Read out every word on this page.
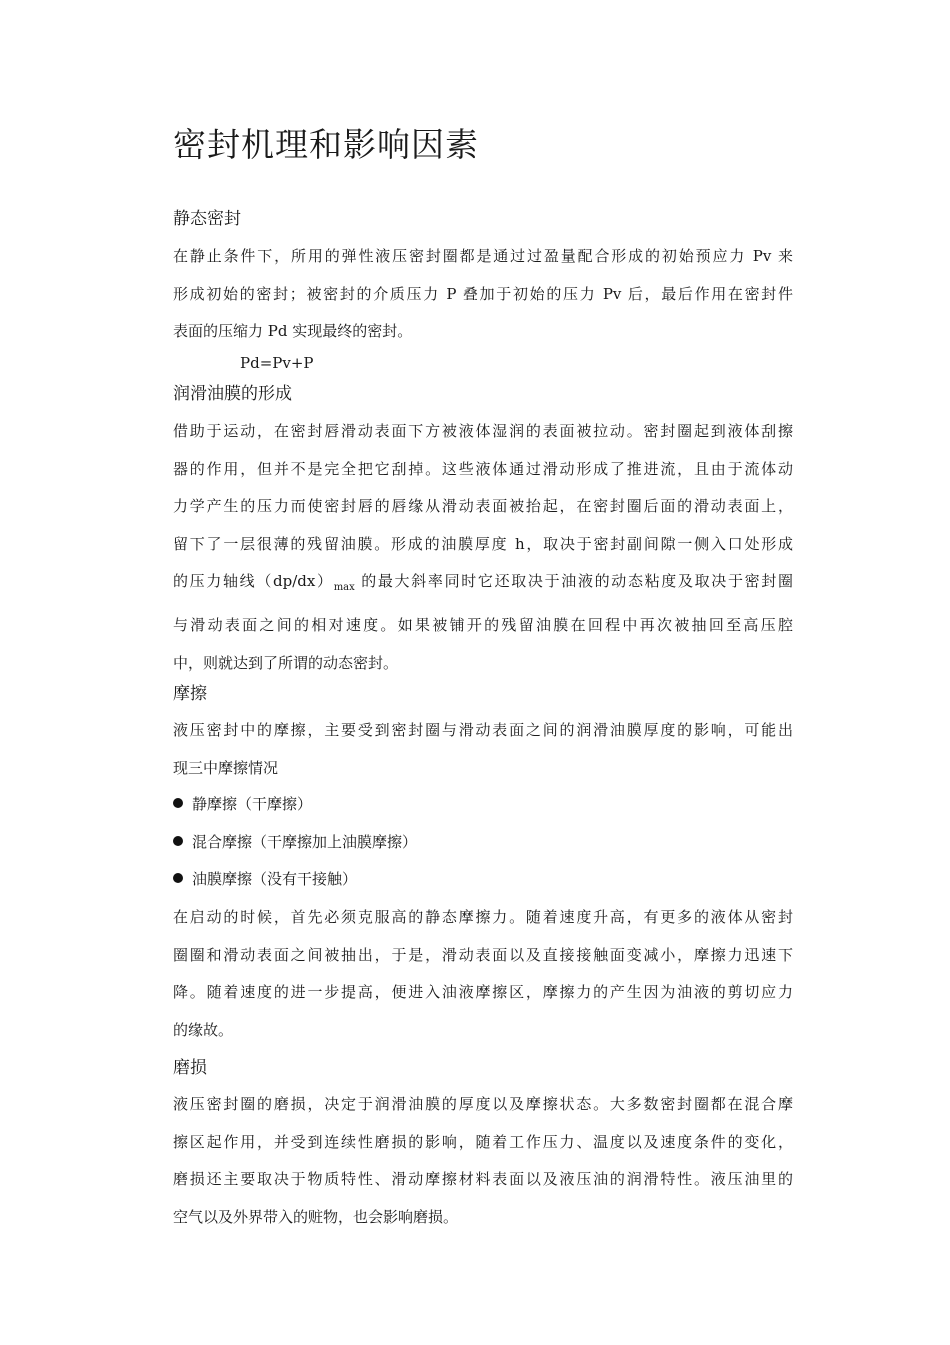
密封机理和影响因素
静态密封
在静止条件下，所用的弹性液压密封圈都是通过过盈量配合形成的初始预应力 Pv 来
形成初始的密封；被密封的介质压力 P 叠加于初始的压力 Pv 后，最后作用在密封件
表面的压缩力 Pd 实现最终的密封。
Pd=Pv+P
润滑油膜的形成
借助于运动，在密封唇滑动表面下方被液体湿润的表面被拉动。密封圈起到液体刮擦
器的作用，但并不是完全把它刮掉。这些液体通过滑动形成了推进流，且由于流体动
力学产生的压力而使密封唇的唇缘从滑动表面被抬起，在密封圈后面的滑动表面上，
留下了一层很薄的残留油膜。形成的油膜厚度 h，取决于密封副间隙一侧入口处形成
的压力轴线$(dp/dx)_{max}$ 的最大斜率同时它还取决于油液的动态粘度及取决于密封圈
与滑动表面之间的相对速度。如果被铺开的残留油膜在回程中再次被抽回至高压腔
中，则就达到了所谓的动态密封。
摩擦
液压密封中的摩擦，主要受到密封圈与滑动表面之间的润滑油膜厚度的影响，可能出
现三中摩擦情况
静摩擦（干摩擦）
混合摩擦（干摩擦加上油膜摩擦）
油膜摩擦（没有干接触）
在启动的时候，首先必须克服高的静态摩擦力。随着速度升高，有更多的液体从密封
圈圈和滑动表面之间被抽出，于是，滑动表面以及直接接触面变减小，摩擦力迅速下
降。随着速度的进一步提高，便进入油液摩擦区，摩擦力的产生因为油液的剪切应力
的缘故。
磨损
液压密封圈的磨损，决定于润滑油膜的厚度以及摩擦状态。大多数密封圈都在混合摩
擦区起作用，并受到连续性磨损的影响，随着工作压力、温度以及速度条件的变化，
磨损还主要取决于物质特性、滑动摩擦材料表面以及液压油的润滑特性。液压油里的
空气以及外界带入的赃物，也会影响磨损。
